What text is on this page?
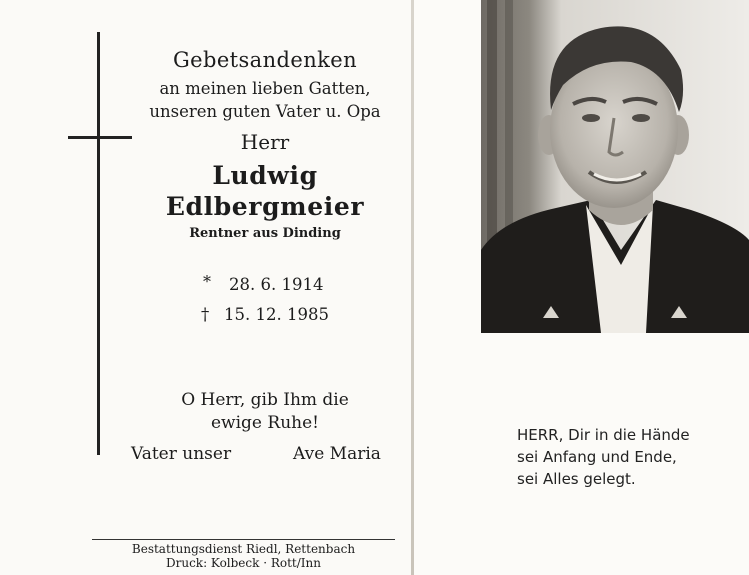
Gebetsandenken
an meinen lieben Gatten,
unseren guten Vater u. Opa
Herr
Ludwig
Edlbergmeier
Rentner aus Dinding
* 28. 6. 1914
† 15. 12. 1985
O Herr, gib Ihm die
ewige Ruhe!
Vater unser	Ave Maria
Bestattungsdienst Riedl, Rettenbach
Druck: Kolbeck · Rott/Inn
HERR, Dir in die Hände
sei Anfang und Ende,
sei Alles gelegt.
